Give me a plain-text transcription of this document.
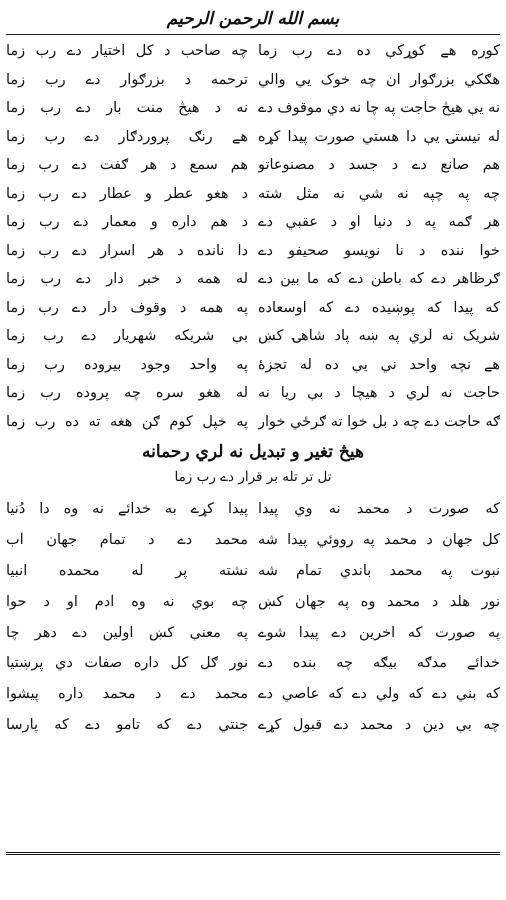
بسم الله الرحمن الرحيم
کوره هے کوړکې ده دے رب زما
چه صاحب د کل اختيار دے رب زما
هګکي بزرګوار ان چه خوک يي والي
ترحمه د بزرګوار دے رب زما
نه يې هيڅ حاجت په چا نه دي موقوف دے
نه د هيڅ منت بار دے رب زما
له نيستۍ يې دا هستي صورت پيدا کړه
هے رنګ پروردګار دے رب زما
هم صانع دے د جسد د مصنوعاتو
هم سمع د هر ګفت دے رب زما
چه په چپه نه شي نه مثل شته
د هغو عطر و عطار دے رب زما
هر ګمه په د دنيا او د عقبي دے
د هم داره و معمار دے رب زما
خوا ننده د نا نويسو صحيفو دے
دا نانده د هر اسرار دے رب زما
ګرظاهر دے که باطن دے که ما بين دے
له همه د خبر دار دے رب زما
که پيدا که پوښيده دے که اوسعاده
په همه د وقوف دار دے رب زما
شريک نه لري په ښه پاد شاهۍ کښ
بې شريکه شهريار دے رب زما
هے نچه واحد ني يې ده له تجزۀ
په واحد وجود بيروده رب زما
حاجت نه لري د هيچا د بې ريا نه
له هغو سره چه پروده رب زما
ګه حاجت دے چه د بل خوا ته ګرځي خوار
په خپل کوم ګن هغه ته ده رب زما
هيڅ تغير و تبديل نه لري رحمانه
تل تر تله بر قرار دے رب زما
که صورت د محمد نه وي پيدا
پيدا کړے به خدائے نه وه دا دُنيا
کل جهان د محمد په رووئي پيدا شه
محمد دے د تمام جهان آب
نبوت په محمد باندي تمام شه
نشته پر له محمده انبيا
نور هلد د محمد وه په جهان کښ
چه بوي نه وه آدم او د حوا
په صورت که آخرين دے پيدا شوے
په معنې کښ اولين دے دهر چا
خدائے مدګه بيګه چه بنده دے
نور ګل کل داره صفات دي پرښتيا
که بني دے که ولي دے که عاصي دے
محمد دے د محمد داره پيشوا
چه بې دين د محمد دے قبول کړے
جنتي دے که تامو دے که پارسا
